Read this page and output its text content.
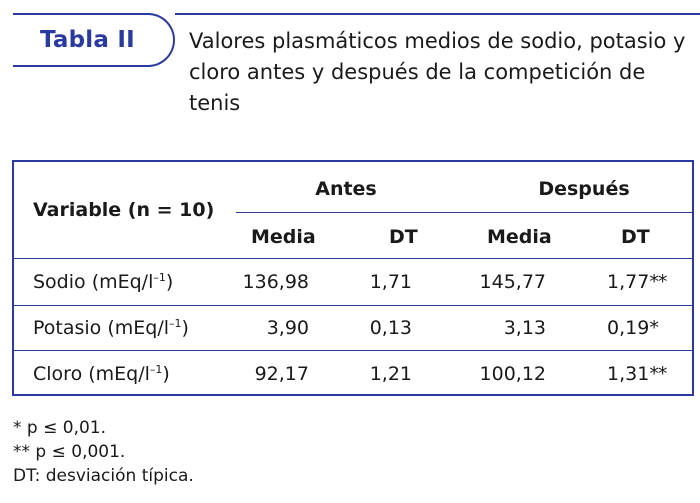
Tabla II	Valores plasmáticos medios de sodio, potasio y
cloro antes y después de la competición de
tenis
Variable (n = 10)
Antes	Después
Media	DT	Media	DT
Sodio $(mEq/l^{-1})$	136,98	1,71	145,77	1,77**
Potasio $(mEq/l^{-1})$	3,90	0,13	3,13	0,19*
Cloro $(mEq/l^{-1})$	92,17	1,21	100,12	1,31**
* p ≤ 0,01.
** p ≤ 0,001.
DT: desviación típica.
